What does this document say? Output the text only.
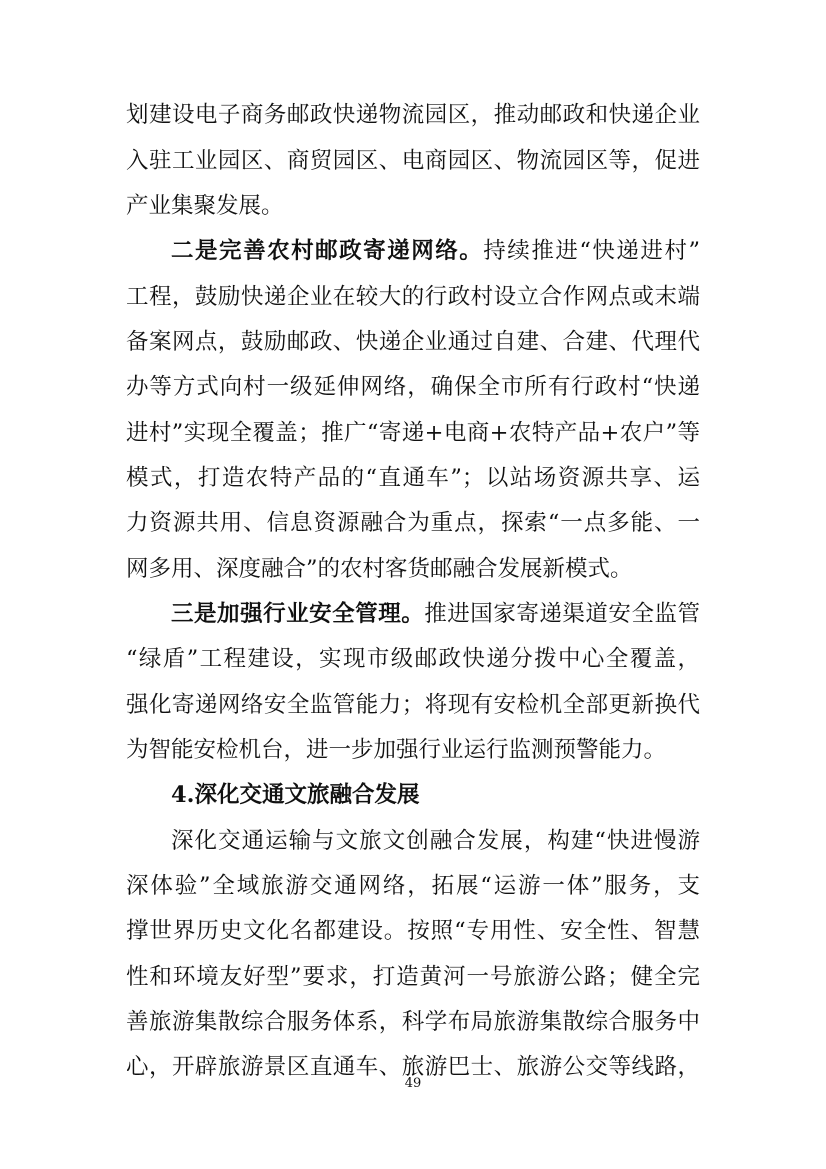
划建设电子商务邮政快递物流园区，推动邮政和快递企业
入驻工业园区、商贸园区、电商园区、物流园区等，促进
产业集聚发展。
二是完善农村邮政寄递网络。持续推进“快递进村”
工程，鼓励快递企业在较大的行政村设立合作网点或末端
备案网点，鼓励邮政、快递企业通过自建、合建、代理代
办等方式向村一级延伸网络，确保全市所有行政村“快递
进村”实现全覆盖；推广“寄递+电商+农特产品+农户”等
模式，打造农特产品的“直通车”；以站场资源共享、运
力资源共用、信息资源融合为重点，探索“一点多能、一
网多用、深度融合”的农村客货邮融合发展新模式。
三是加强行业安全管理。推进国家寄递渠道安全监管
“绿盾”工程建设，实现市级邮政快递分拨中心全覆盖，
强化寄递网络安全监管能力；将现有安检机全部更新换代
为智能安检机台，进一步加强行业运行监测预警能力。
4.深化交通文旅融合发展
深化交通运输与文旅文创融合发展，构建“快进慢游
深体验”全域旅游交通网络，拓展“运游一体”服务，支
撑世界历史文化名都建设。按照“专用性、安全性、智慧
性和环境友好型”要求，打造黄河一号旅游公路；健全完
善旅游集散综合服务体系，科学布局旅游集散综合服务中
心，开辟旅游景区直通车、旅游巴士、旅游公交等线路，
49
